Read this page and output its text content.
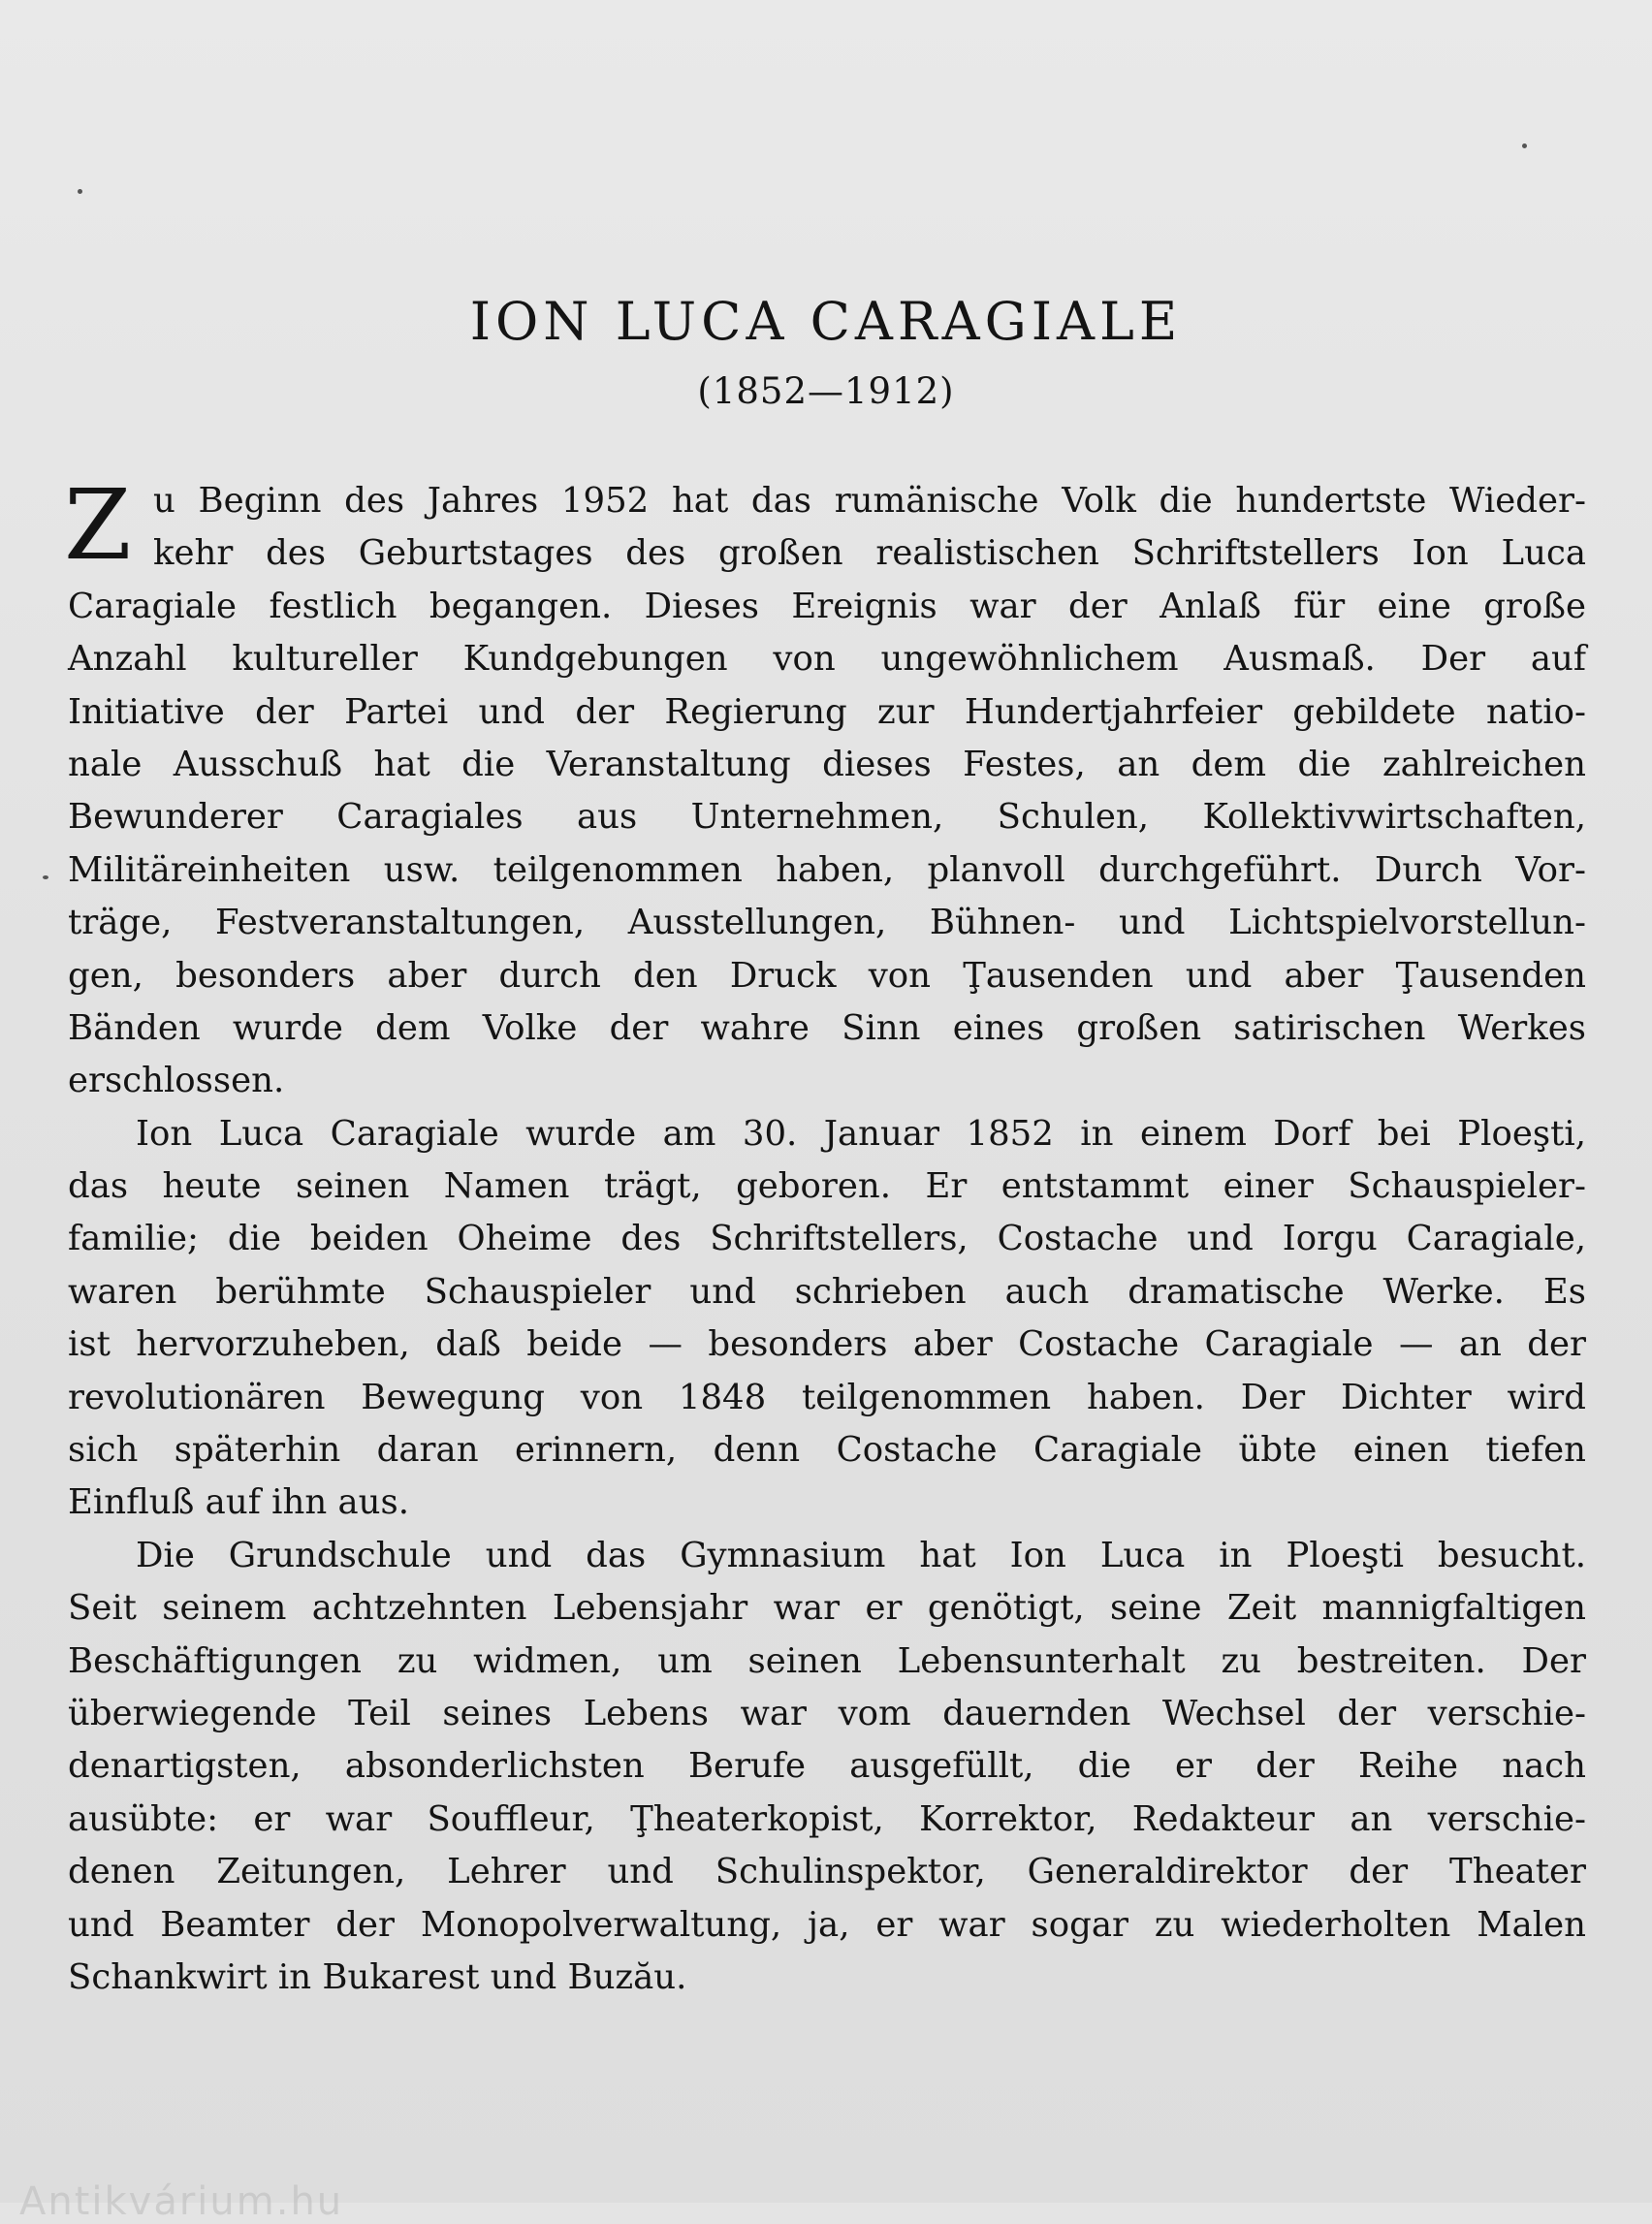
ION LUCA CARAGIALE
(1852—1912)
Z u Beginn des Jahres 1952 hat das rumänische Volk die hundertste Wieder-
kehr des Geburtstages des großen realistischen Schriftstellers Ion Luca
Caragiale festlich begangen. Dieses Ereignis war der Anlaß für eine große
Anzahl kultureller Kundgebungen von ungewöhnlichem Ausmaß. Der auf
Initiative der Partei und der Regierung zur Hundertjahrfeier gebildete natio-
nale Ausschuß hat die Veranstaltung dieses Festes, an dem die zahlreichen
Bewunderer Caragiales aus Unternehmen, Schulen, Kollektivwirtschaften,
Militäreinheiten usw. teilgenommen haben, planvoll durchgeführt. Durch Vor-
träge, Festveranstaltungen, Ausstellungen, Bühnen- und Lichtspielvorstellun-
gen, besonders aber durch den Druck von Ţausenden und aber Ţausenden
Bänden wurde dem Volke der wahre Sinn eines großen satirischen Werkes
erschlossen.
Ion Luca Caragiale wurde am 30. Januar 1852 in einem Dorf bei Ploeşti,
das heute seinen Namen trägt, geboren. Er entstammt einer Schauspieler-
familie; die beiden Oheime des Schriftstellers, Costache und Iorgu Caragiale,
waren berühmte Schauspieler und schrieben auch dramatische Werke. Es
ist hervorzuheben, daß beide — besonders aber Costache Caragiale — an der
revolutionären Bewegung von 1848 teilgenommen haben. Der Dichter wird
sich späterhin daran erinnern, denn Costache Caragiale übte einen tiefen
Einfluß auf ihn aus.
Die Grundschule und das Gymnasium hat Ion Luca in Ploeşti besucht.
Seit seinem achtzehnten Lebensjahr war er genötigt, seine Zeit mannigfaltigen
Beschäftigungen zu widmen, um seinen Lebensunterhalt zu bestreiten. Der
überwiegende Teil seines Lebens war vom dauernden Wechsel der verschie-
denartigsten, absonderlichsten Berufe ausgefüllt, die er der Reihe nach
ausübte: er war Souffleur, Ţheaterkopist, Korrektor, Redakteur an verschie-
denen Zeitungen, Lehrer und Schulinspektor, Generaldirektor der Theater
und Beamter der Monopolverwaltung, ja, er war sogar zu wiederholten Malen
Schankwirt in Bukarest und Buzău.
Antikvárium.hu
